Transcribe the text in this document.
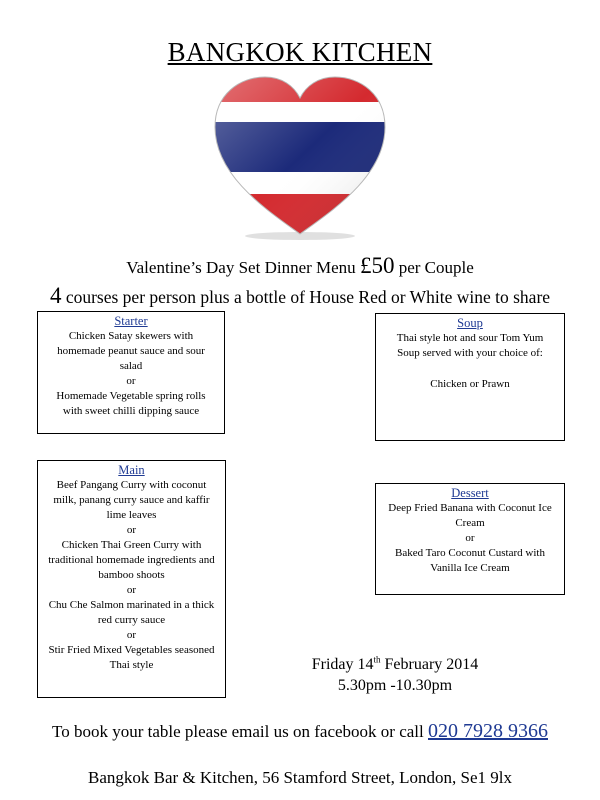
BANGKOK KITCHEN
Valentine’s Day Set Dinner Menu £50 per Couple
4 courses per person plus a bottle of House Red or White wine to share
Starter
Chicken Satay skewers with
homemade peanut sauce and sour
salad
or
Homemade Vegetable spring rolls
with sweet chilli dipping sauce
Soup
Thai style hot and sour Tom Yum
Soup served with your choice of:
Chicken or Prawn
Main
Beef Pangang Curry with coconut
milk, panang curry sauce and kaffir
lime leaves
or
Chicken Thai Green Curry with
traditional homemade ingredients and
bamboo shoots
or
Chu Che Salmon marinated in a thick
red curry sauce
or
Stir Fried Mixed Vegetables seasoned
Thai style
Dessert
Deep Fried Banana with Coconut Ice
Cream
or
Baked Taro Coconut Custard with
Vanilla Ice Cream
Friday 14th February 2014
5.30pm -10.30pm
To book your table please email us on facebook or call 020 7928 9366
Bangkok Bar & Kitchen, 56 Stamford Street, London, Se1 9lx
